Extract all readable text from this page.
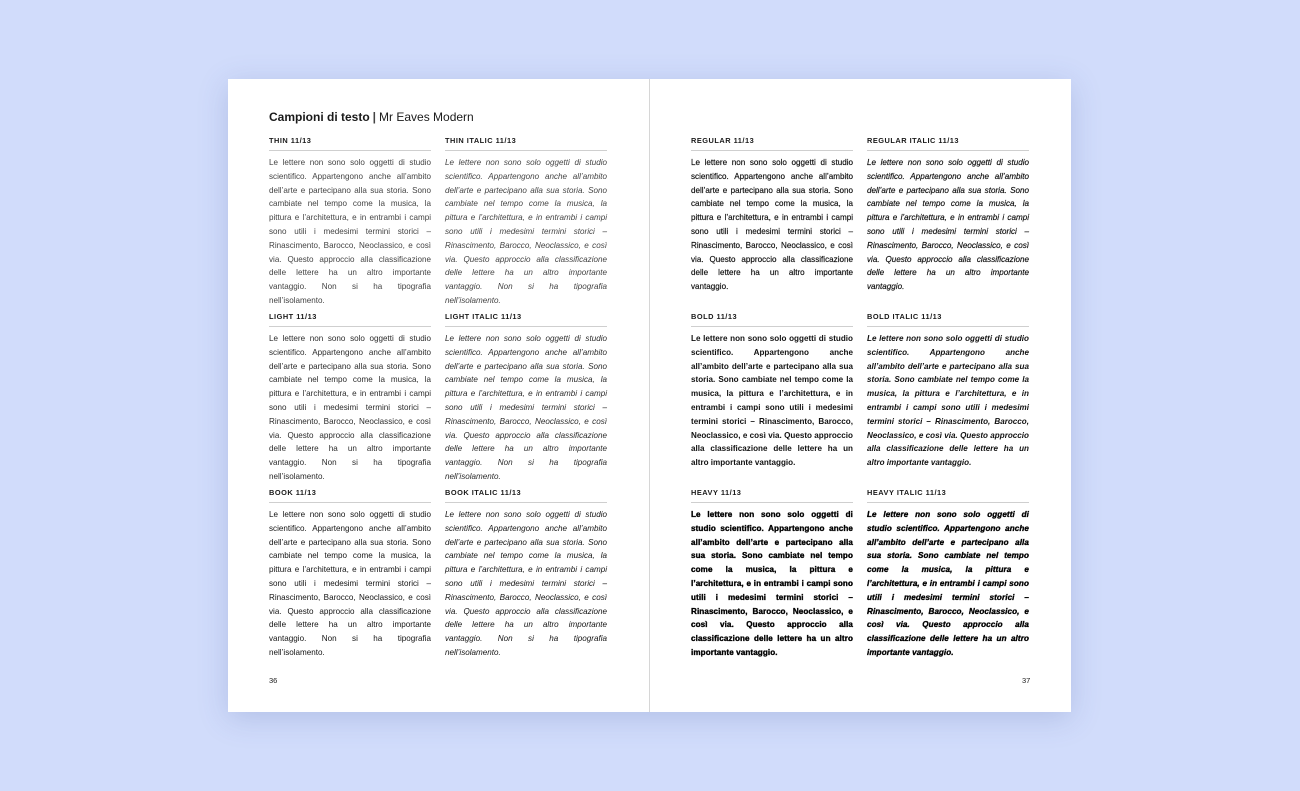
Campioni di testo | Mr Eaves Modern
THIN 11/13

Le lettere non sono solo oggetti di studio scientifico. Appartengono anche all’ambito dell’arte e partecipano alla sua storia. Sono cambiate nel tempo come la musica, la pittura e l’architettura, e in entrambi i campi sono utili i medesimi termini storici – Rinascimento, Barocco, Neoclassico, e così via. Questo approccio alla classificazione delle lettere ha un altro importante vantaggio. Non si ha tipografia nell’isolamento.

THIN ITALIC 11/13

Le lettere non sono solo oggetti di studio scientifico. Appartengono anche all’ambito dell’arte e partecipano alla sua storia. Sono cambiate nel tempo come la musica, la pittura e l’architettura, e in entrambi i campi sono utili i medesimi termini storici – Rinascimento, Barocco, Neoclassico, e così via. Questo approccio alla classificazione delle lettere ha un altro importante vantaggio. Non si ha tipografia nell’isolamento.

LIGHT 11/13

Le lettere non sono solo oggetti di studio scientifico. Appartengono anche all’ambito dell’arte e partecipano alla sua storia. Sono cambiate nel tempo come la musica, la pittura e l’architettura, e in entrambi i campi sono utili i medesimi termini storici – Rinascimento, Barocco, Neoclassico, e così via. Questo approccio alla classificazione delle lettere ha un altro importante vantaggio. Non si ha tipografia nell’isolamento.

LIGHT ITALIC 11/13

Le lettere non sono solo oggetti di studio scientifico. Appartengono anche all’ambito dell’arte e partecipano alla sua storia. Sono cambiate nel tempo come la musica, la pittura e l’architettura, e in entrambi i campi sono utili i medesimi termini storici – Rinascimento, Barocco, Neoclassico, e così via. Questo approccio alla classificazione delle lettere ha un altro importante vantaggio. Non si ha tipografia nell’isolamento.

BOOK 11/13

Le lettere non sono solo oggetti di studio scientifico. Appartengono anche all’ambito dell’arte e partecipano alla sua storia. Sono cambiate nel tempo come la musica, la pittura e l’architettura, e in entrambi i campi sono utili i medesimi termini storici – Rinascimento, Barocco, Neoclassico, e così via. Questo approccio alla classificazione delle lettere ha un altro importante vantaggio. Non si ha tipografia nell’isolamento.

BOOK ITALIC 11/13

Le lettere non sono solo oggetti di studio scientifico. Appartengono anche all’ambito dell’arte e partecipano alla sua storia. Sono cambiate nel tempo come la musica, la pittura e l’architettura, e in entrambi i campi sono utili i medesimi termini storici – Rinascimento, Barocco, Neoclassico, e così via. Questo approccio alla classificazione delle lettere ha un altro importante vantaggio. Non si ha tipografia nell’isolamento.

36

REGULAR 11/13

Le lettere non sono solo oggetti di studio scientifico. Appartengono anche all’ambito dell’arte e partecipano alla sua storia. Sono cambiate nel tempo come la musica, la pittura e l’architettura, e in entrambi i campi sono utili i medesimi termini storici – Rinascimento, Barocco, Neoclassico, e così via. Questo approccio alla classificazione delle lettere ha un altro importante vantaggio.

REGULAR ITALIC 11/13

Le lettere non sono solo oggetti di studio scientifico. Appartengono anche all’ambito dell’arte e partecipano alla sua storia. Sono cambiate nel tempo come la musica, la pittura e l’architettura, e in entrambi i campi sono utili i medesimi termini storici – Rinascimento, Barocco, Neoclassico, e così via. Questo approccio alla classificazione delle lettere ha un altro importante vantaggio.

BOLD 11/13

Le lettere non sono solo oggetti di studio scientifico. Appartengono anche all’ambito dell’arte e partecipano alla sua storia. Sono cambiate nel tempo come la musica, la pittura e l’architettura, e in entrambi i campi sono utili i medesimi termini storici – Rinascimento, Barocco, Neoclassico, e così via. Questo approccio alla classificazione delle lettere ha un altro importante vantaggio.

BOLD ITALIC 11/13

Le lettere non sono solo oggetti di studio scientifico. Appartengono anche all’ambito dell’arte e partecipano alla sua storia. Sono cambiate nel tempo come la musica, la pittura e l’architettura, e in entrambi i campi sono utili i medesimi termini storici – Rinascimento, Barocco, Neoclassico, e così via. Questo approccio alla classificazione delle lettere ha un altro importante vantaggio.

HEAVY 11/13

Le lettere non sono solo oggetti di studio scientifico. Appartengono anche all’ambito dell’arte e partecipano alla sua storia. Sono cambiate nel tempo come la musica, la pittura e l’architettura, e in entrambi i campi sono utili i medesimi termini storici – Rinascimento, Barocco, Neoclassico, e così via. Questo approccio alla classificazione delle lettere ha un altro importante vantaggio.

HEAVY ITALIC 11/13

Le lettere non sono solo oggetti di studio scientifico. Appartengono anche all’ambito dell’arte e partecipano alla sua storia. Sono cambiate nel tempo come la musica, la pittura e l’architettura, e in entrambi i campi sono utili i medesimi termini storici – Rinascimento, Barocco, Neoclassico, e così via. Questo approccio alla classificazione delle lettere ha un altro importante vantaggio.

37
